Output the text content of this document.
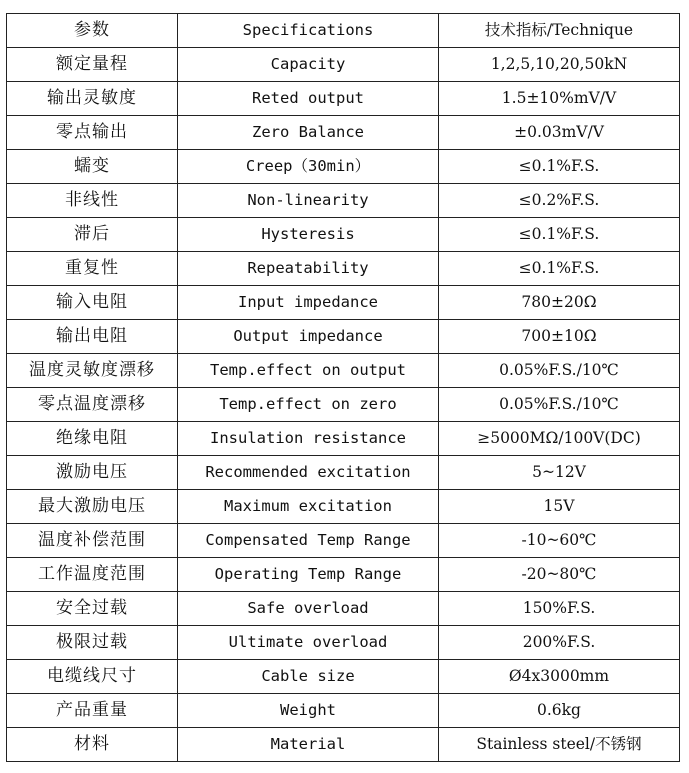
参数	Specifications	技术指标/Technique
额定量程	Capacity	1,2,5,10,20,50kN
输出灵敏度	Reted output	1.5±10%mV/V
零点输出	Zero Balance	±0.03mV/V
蠕变	Creep（30min）	≤0.1%F.S.
非线性	Non-linearity	≤0.2%F.S.
滞后	Hysteresis	≤0.1%F.S.
重复性	Repeatability	≤0.1%F.S.
输入电阻	Input impedance	780±20Ω
输出电阻	Output impedance	700±10Ω
温度灵敏度漂移	Temp.effect on output	0.05%F.S./10℃
零点温度漂移	Temp.effect on zero	0.05%F.S./10℃
绝缘电阻	Insulation resistance	≥5000MΩ/100V(DC)
激励电压	Recommended excitation	5~12V
最大激励电压	Maximum excitation	15V
温度补偿范围	Compensated Temp Range	-10~60℃
工作温度范围	Operating Temp Range	-20~80℃
安全过载	Safe overload	150%F.S.
极限过载	Ultimate overload	200%F.S.
电缆线尺寸	Cable size	Ø4x3000mm
产品重量	Weight	0.6kg
材料	Material	Stainless steel/不锈钢
